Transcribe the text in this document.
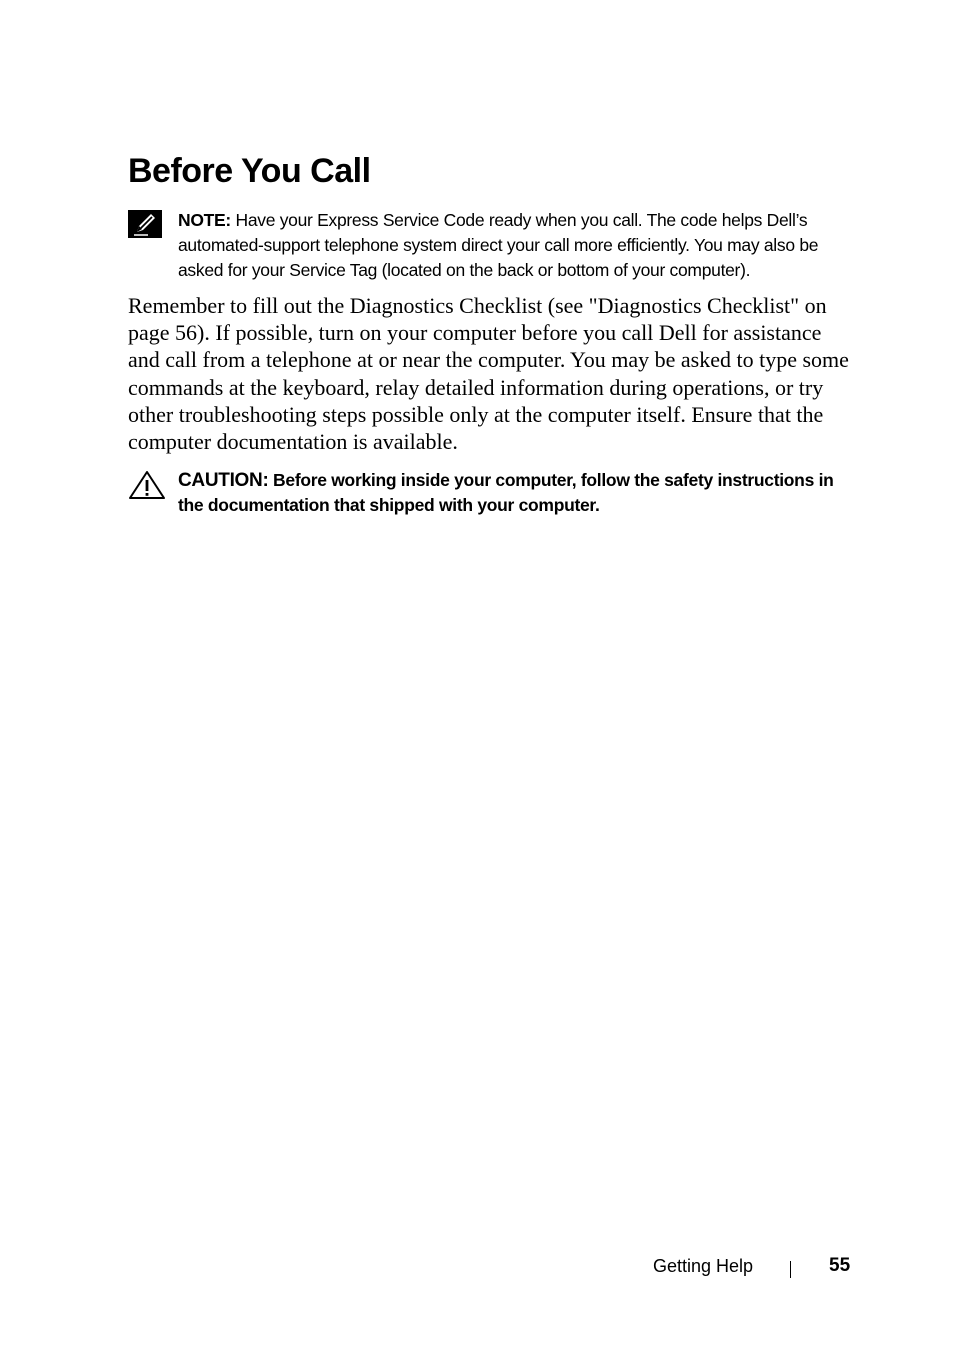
Before You Call
NOTE: Have your Express Service Code ready when you call. The code helps Dell’s automated-support telephone system direct your call more efficiently. You may also be asked for your Service Tag (located on the back or bottom of your computer).

Remember to fill out the Diagnostics Checklist (see "Diagnostics Checklist" on page 56). If possible, turn on your computer before you call Dell for assistance and call from a telephone at or near the computer. You may be asked to type some commands at the keyboard, relay detailed information during operations, or try other troubleshooting steps possible only at the computer itself. Ensure that the computer documentation is available.

CAUTION: Before working inside your computer, follow the safety instructions in the documentation that shipped with your computer.
Getting Help	55
